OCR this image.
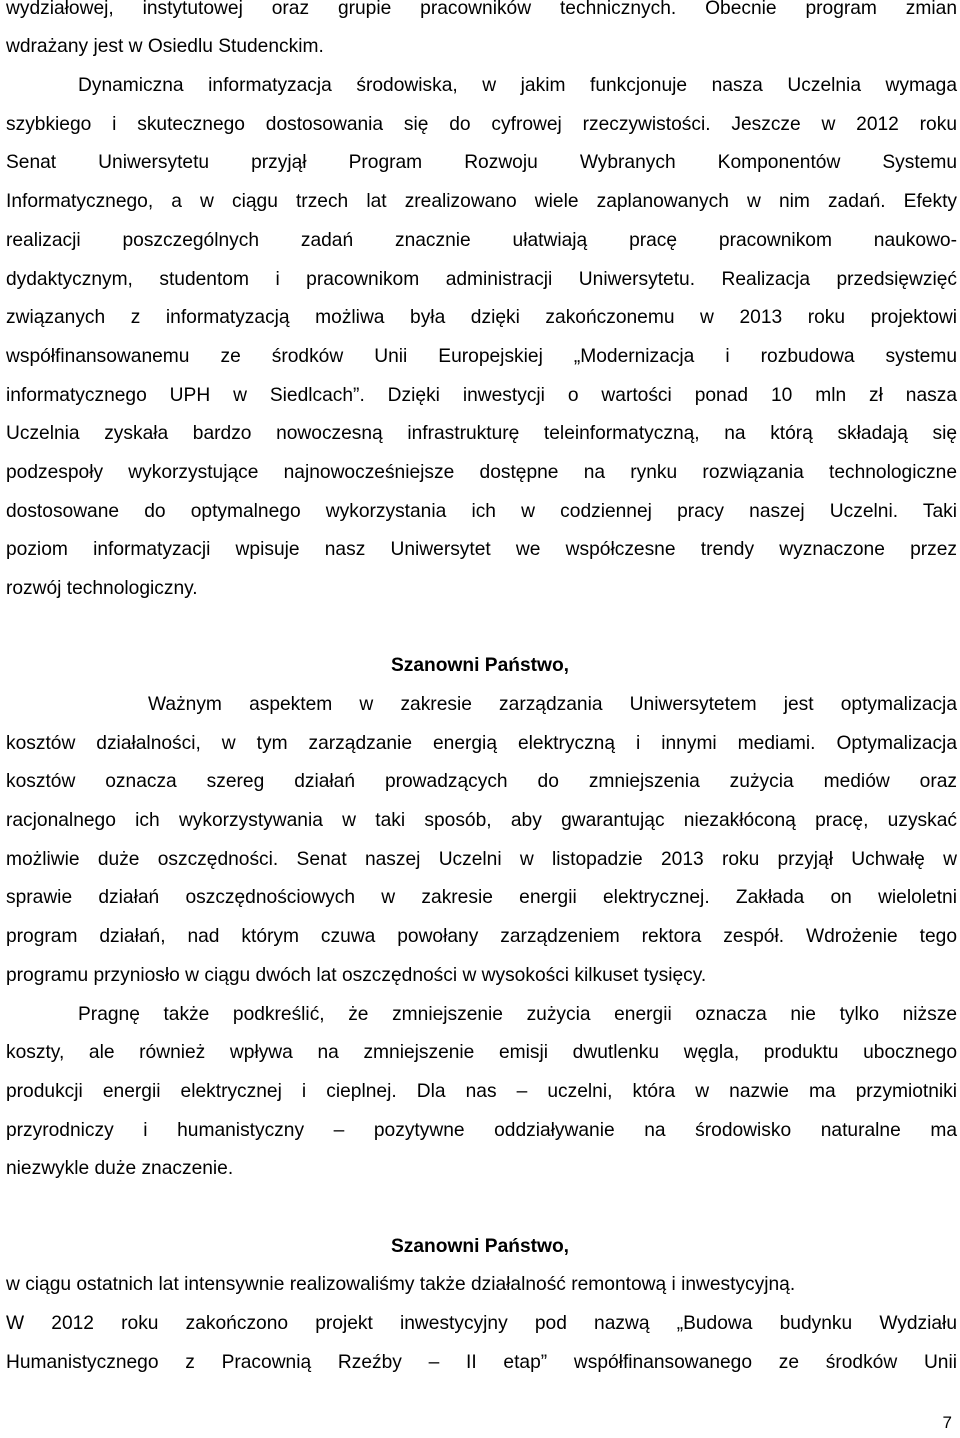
wydziałowej, instytutowej oraz grupie pracowników technicznych. Obecnie program zmian
wdrażany jest w Osiedlu Studenckim.
Dynamiczna informatyzacja środowiska, w jakim funkcjonuje nasza Uczelnia wymaga
szybkiego i skutecznego dostosowania się do cyfrowej rzeczywistości. Jeszcze w 2012 roku
Senat Uniwersytetu przyjął Program Rozwoju Wybranych Komponentów Systemu
Informatycznego, a w ciągu trzech lat zrealizowano wiele zaplanowanych w nim zadań. Efekty
realizacji poszczególnych zadań znacznie ułatwiają pracę pracownikom naukowo-
dydaktycznym, studentom i pracownikom administracji Uniwersytetu. Realizacja przedsięwzięć
związanych z informatyzacją możliwa była dzięki zakończonemu w 2013 roku projektowi
współfinansowanemu ze środków Unii Europejskiej „Modernizacja i rozbudowa systemu
informatycznego UPH w Siedlcach”. Dzięki inwestycji o wartości ponad 10 mln zł nasza
Uczelnia zyskała bardzo nowoczesną infrastrukturę teleinformatyczną, na którą składają się
podzespoły wykorzystujące najnowocześniejsze dostępne na rynku rozwiązania technologiczne
dostosowane do optymalnego wykorzystania ich w codziennej pracy naszej Uczelni. Taki
poziom informatyzacji wpisuje nasz Uniwersytet we współczesne trendy wyznaczone przez
rozwój technologiczny.
Szanowni Państwo,
Ważnym aspektem w zakresie zarządzania Uniwersytetem jest optymalizacja
kosztów działalności, w tym zarządzanie energią elektryczną i innymi mediami. Optymalizacja
kosztów oznacza szereg działań prowadzących do zmniejszenia zużycia mediów oraz
racjonalnego ich wykorzystywania w taki sposób, aby gwarantując niezakłóconą pracę, uzyskać
możliwie duże oszczędności. Senat naszej Uczelni w listopadzie 2013 roku przyjął Uchwałę w
sprawie działań oszczędnościowych w zakresie energii elektrycznej. Zakłada on wieloletni
program działań, nad którym czuwa powołany zarządzeniem rektora zespół. Wdrożenie tego
programu przyniosło w ciągu dwóch lat oszczędności w wysokości kilkuset tysięcy.
Pragnę także podkreślić, że zmniejszenie zużycia energii oznacza nie tylko niższe
koszty, ale również wpływa na zmniejszenie emisji dwutlenku węgla, produktu ubocznego
produkcji energii elektrycznej i cieplnej. Dla nas – uczelni, która w nazwie ma przymiotniki
przyrodniczy i humanistyczny – pozytywne oddziaływanie na środowisko naturalne ma
niezwykle duże znaczenie.
Szanowni Państwo,
w ciągu ostatnich lat intensywnie realizowaliśmy także działalność remontową i inwestycyjną.
W 2012 roku zakończono projekt inwestycyjny pod nazwą „Budowa budynku Wydziału
Humanistycznego z Pracownią Rzeźby – II etap” współfinansowanego ze środków Unii
7
